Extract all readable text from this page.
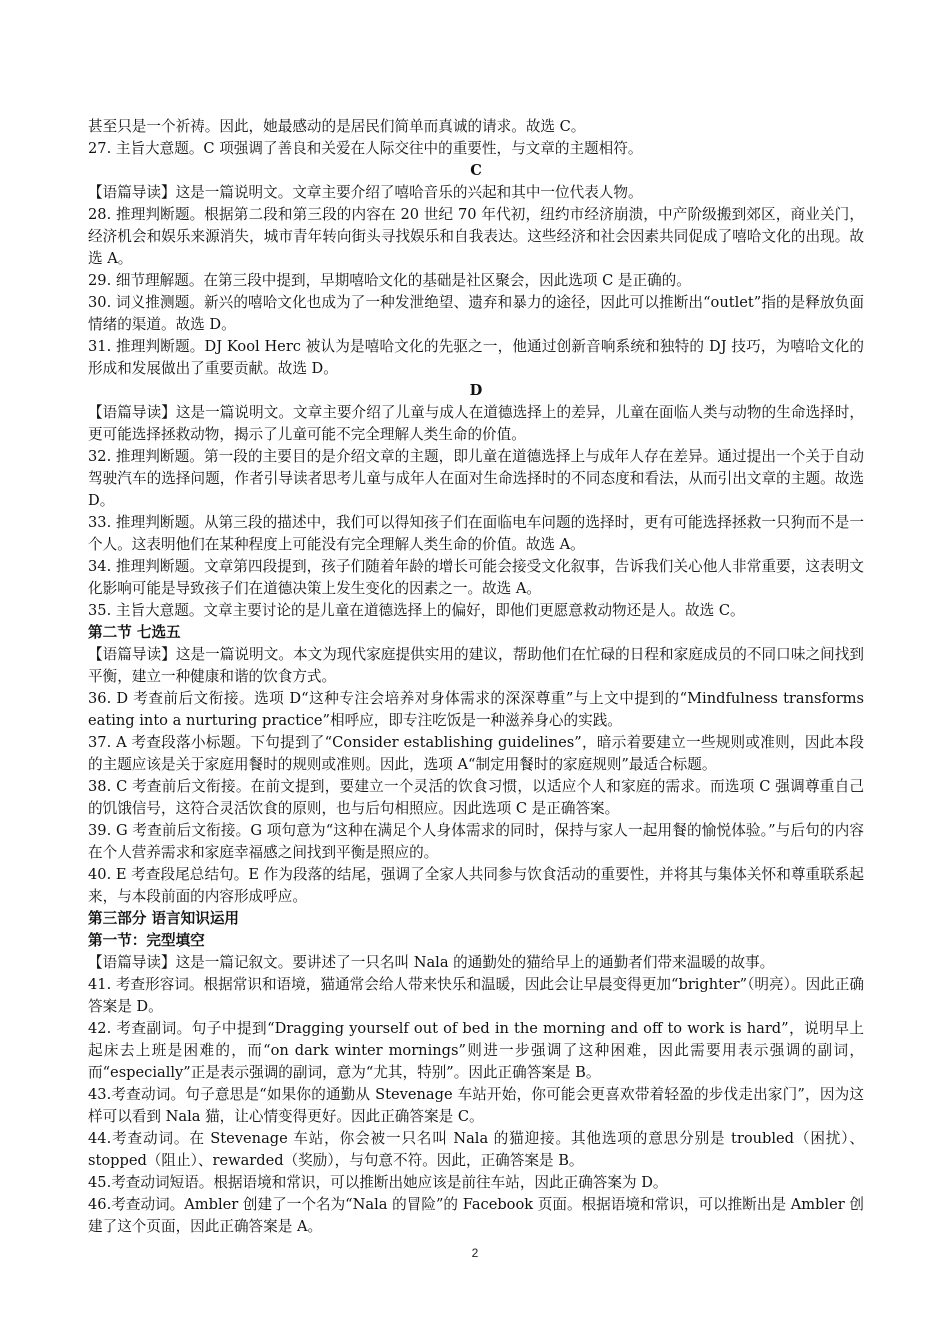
甚至只是一个祈祷。因此，她最感动的是居民们简单而真诚的请求。故选 C。

27. 主旨大意题。C 项强调了善良和关爱在人际交往中的重要性，与文章的主题相符。

C

【语篇导读】这是一篇说明文。文章主要介绍了嘻哈音乐的兴起和其中一位代表人物。

28. 推理判断题。根据第二段和第三段的内容在 20 世纪 70 年代初，纽约市经济崩溃，中产阶级搬到郊区，商业关门，经济机会和娱乐来源消失，城市青年转向街头寻找娱乐和自我表达。这些经济和社会因素共同促成了嘻哈文化的出现。故选 A。

29. 细节理解题。在第三段中提到，早期嘻哈文化的基础是社区聚会，因此选项 C 是正确的。

30. 词义推测题。新兴的嘻哈文化也成为了一种发泄绝望、遗弃和暴力的途径，因此可以推断出“outlet”指的是释放负面情绪的渠道。故选 D。

31. 推理判断题。DJ Kool Herc 被认为是嘻哈文化的先驱之一，他通过创新音响系统和独特的 DJ 技巧，为嘻哈文化的形成和发展做出了重要贡献。故选 D。

D

【语篇导读】这是一篇说明文。文章主要介绍了儿童与成人在道德选择上的差异，儿童在面临人类与动物的生命选择时，更可能选择拯救动物，揭示了儿童可能不完全理解人类生命的价值。

32. 推理判断题。第一段的主要目的是介绍文章的主题，即儿童在道德选择上与成年人存在差异。通过提出一个关于自动驾驶汽车的选择问题，作者引导读者思考儿童与成年人在面对生命选择时的不同态度和看法，从而引出文章的主题。故选 D。

33. 推理判断题。从第三段的描述中，我们可以得知孩子们在面临电车问题的选择时，更有可能选择拯救一只狗而不是一个人。这表明他们在某种程度上可能没有完全理解人类生命的价值。故选 A。

34. 推理判断题。文章第四段提到，孩子们随着年龄的增长可能会接受文化叙事，告诉我们关心他人非常重要，这表明文化影响可能是导致孩子们在道德决策上发生变化的因素之一。故选 A。

35. 主旨大意题。文章主要讨论的是儿童在道德选择上的偏好，即他们更愿意救动物还是人。故选 C。

第二节 七选五

【语篇导读】这是一篇说明文。本文为现代家庭提供实用的建议，帮助他们在忙碌的日程和家庭成员的不同口味之间找到平衡，建立一种健康和谐的饮食方式。

36. D 考查前后文衔接。选项 D“这种专注会培养对身体需求的深深尊重”与上文中提到的“Mindfulness transforms eating into a nurturing practice”相呼应，即专注吃饭是一种滋养身心的实践。

37. A 考查段落小标题。下句提到了“Consider establishing guidelines”，暗示着要建立一些规则或准则，因此本段的主题应该是关于家庭用餐时的规则或准则。因此，选项 A“制定用餐时的家庭规则”最适合标题。

38. C 考查前后文衔接。在前文提到，要建立一个灵活的饮食习惯，以适应个人和家庭的需求。而选项 C 强调尊重自己的饥饿信号，这符合灵活饮食的原则，也与后句相照应。因此选项 C 是正确答案。

39. G 考查前后文衔接。G 项句意为“这种在满足个人身体需求的同时，保持与家人一起用餐的愉悦体验。”与后句的内容在个人营养需求和家庭幸福感之间找到平衡是照应的。

40. E 考查段尾总结句。E 作为段落的结尾，强调了全家人共同参与饮食活动的重要性，并将其与集体关怀和尊重联系起来，与本段前面的内容形成呼应。

第三部分 语言知识运用

第一节：完型填空

【语篇导读】这是一篇记叙文。要讲述了一只名叫 Nala 的通勤处的猫给早上的通勤者们带来温暖的故事。

41. 考查形容词。根据常识和语境，猫通常会给人带来快乐和温暖，因此会让早晨变得更加“brighter”（明亮）。因此正确答案是 D。

42. 考查副词。句子中提到“Dragging yourself out of bed in the morning and off to work is hard”，说明早上起床去上班是困难的，而“on dark winter mornings”则进一步强调了这种困难，因此需要用表示强调的副词，而“especially”正是表示强调的副词，意为“尤其，特别”。因此正确答案是 B。

43.考查动词。句子意思是“如果你的通勤从 Stevenage 车站开始，你可能会更喜欢带着轻盈的步伐走出家门”，因为这样可以看到 Nala 猫，让心情变得更好。因此正确答案是 C。

44.考查动词。在 Stevenage 车站，你会被一只名叫 Nala 的猫迎接。其他选项的意思分别是 troubled（困扰）、stopped（阻止）、rewarded（奖励），与句意不符。因此，正确答案是 B。

45.考查动词短语。根据语境和常识，可以推断出她应该是前往车站，因此正确答案为 D。

46.考查动词。Ambler 创建了一个名为“Nala 的冒险”的 Facebook 页面。根据语境和常识，可以推断出是 Ambler 创建了这个页面，因此正确答案是 A。

2
